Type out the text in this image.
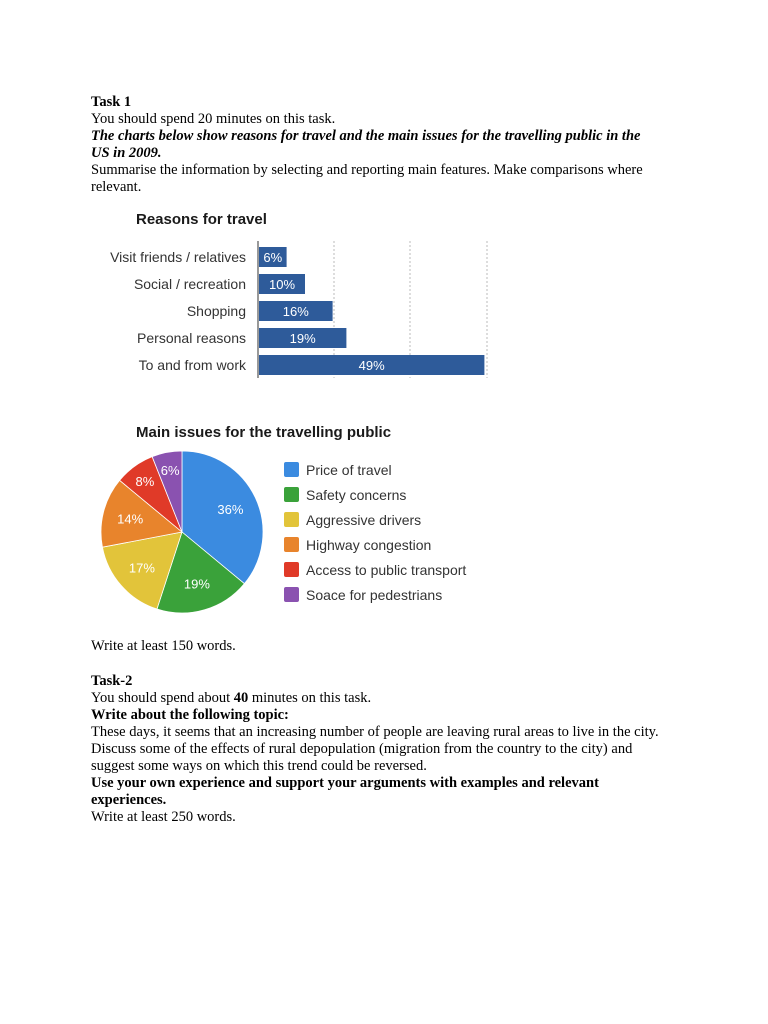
Task 1

You should spend 20 minutes on this task.

The charts below show reasons for travel and the main issues for the travelling public in the

US in 2009.

Summarise the information by selecting and reporting main features. Make comparisons where

relevant.

Reasons for travel
Visit friends / relatives
Social / recreation
Shopping
Personal reasons
To and from work
6%
10%
16%
19%
49%
Main issues for the travelling public
36%
19%
17%
14%
8%
6%	Price of travel
Safety concerns
Aggressive drivers
Highway congestion
Access to public transport
Soace for pedestrians

Write at least 150 words.

Task-2

You should spend about 40 minutes on this task.

Write about the following topic:

These days, it seems that an increasing number of people are leaving rural areas to live in the city.

Discuss some of the effects of rural depopulation (migration from the country to the city) and

suggest some ways on which this trend could be reversed.

Use your own experience and support your arguments with examples and relevant

experiences.

Write at least 250 words.
